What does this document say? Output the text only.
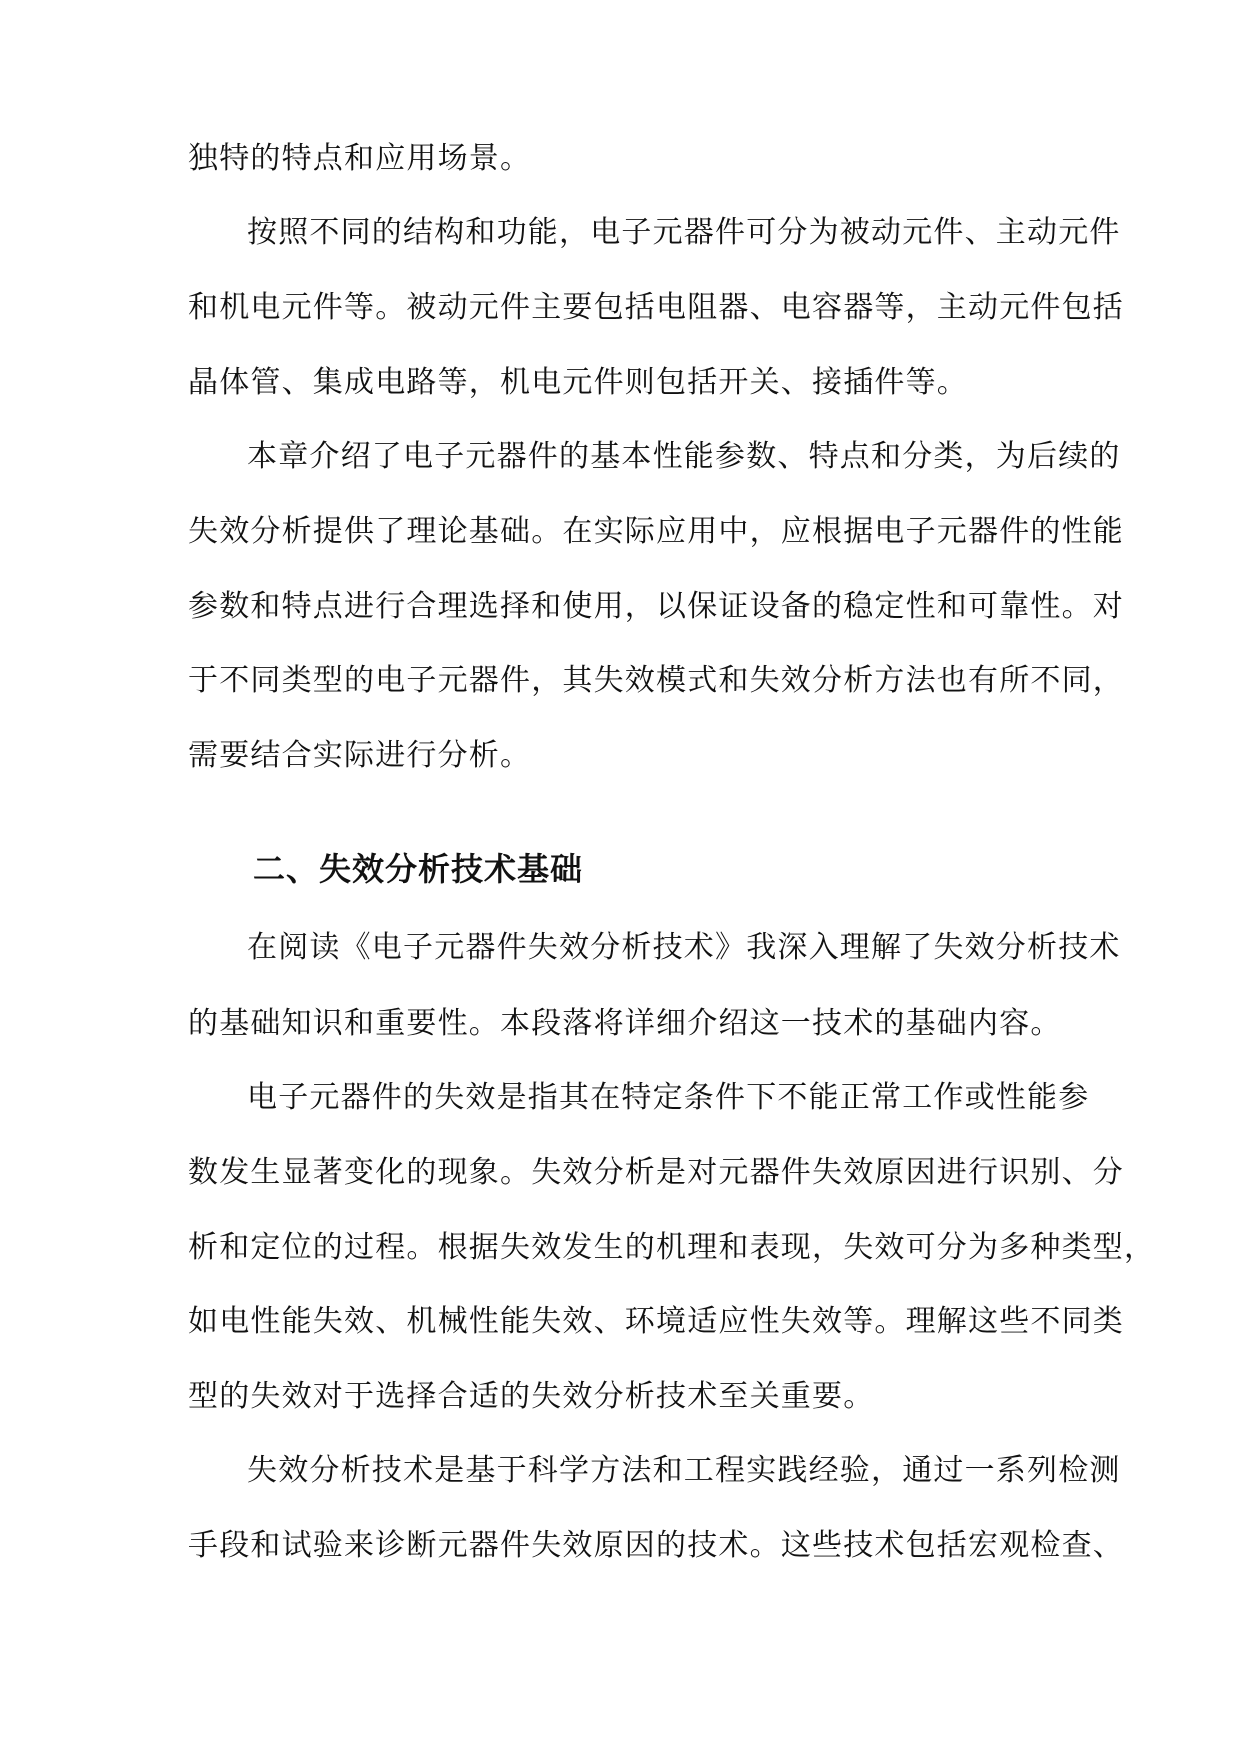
独特的特点和应用场景。

按照不同的结构和功能，电子元器件可分为被动元件、主动元件

和机电元件等。被动元件主要包括电阻器、电容器等，主动元件包括

晶体管、集成电路等，机电元件则包括开关、接插件等。

本章介绍了电子元器件的基本性能参数、特点和分类，为后续的

失效分析提供了理论基础。在实际应用中，应根据电子元器件的性能

参数和特点进行合理选择和使用，以保证设备的稳定性和可靠性。对

于不同类型的电子元器件，其失效模式和失效分析方法也有所不同，

需要结合实际进行分析。

二、失效分析技术基础

在阅读《电子元器件失效分析技术》我深入理解了失效分析技术

的基础知识和重要性。本段落将详细介绍这一技术的基础内容。

电子元器件的失效是指其在特定条件下不能正常工作或性能参

数发生显著变化的现象。失效分析是对元器件失效原因进行识别、分

析和定位的过程。根据失效发生的机理和表现，失效可分为多种类型，

如电性能失效、机械性能失效、环境适应性失效等。理解这些不同类

型的失效对于选择合适的失效分析技术至关重要。

失效分析技术是基于科学方法和工程实践经验，通过一系列检测

手段和试验来诊断元器件失效原因的技术。这些技术包括宏观检查、
